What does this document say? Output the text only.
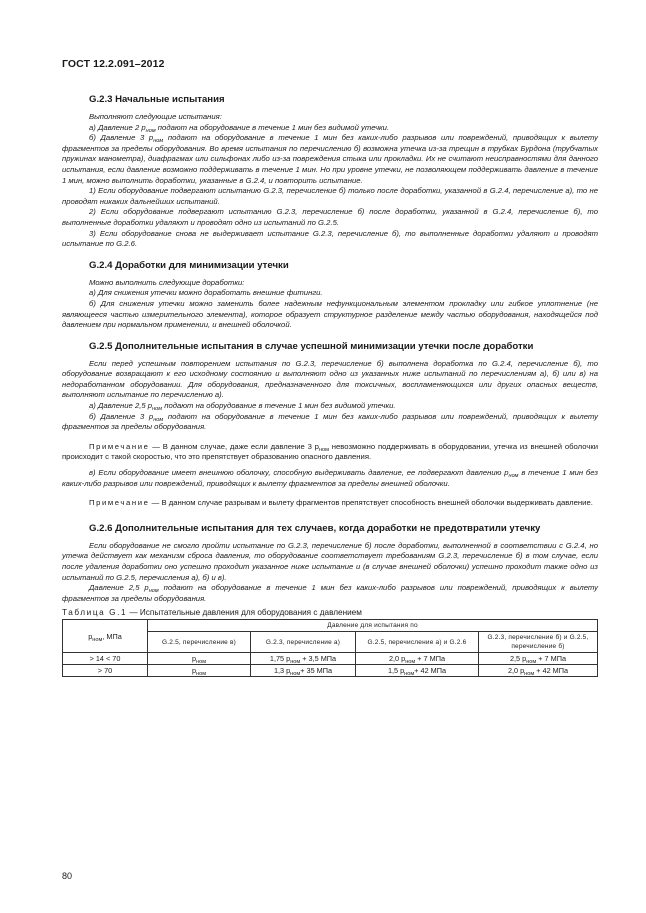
ГОСТ 12.2.091–2012
G.2.3 Начальные испытания

Выполняют следующие испытания:

а) Давление 2 $p_{ном}$ подают на оборудование в течение 1 мин без видимой утечки.

б) Давление 3 $p_{ном}$ подают на оборудование в течение 1 мин без каких-либо разрывов или повреждений, приводящих к вылету фрагментов за пределы оборудования. Во время испытания по перечислению б) возможна утечка из-за трещин в трубках Бурдона (трубчатых пружинах манометра), диафрагмах или сильфонах либо из-за повреждения стыка или прокладки. Их не считают неисправностями для данного испытания, если давление возможно поддерживать в течение 1 мин. Но при уровне утечки, не позволяющем поддерживать давление в течение 1 мин, можно выполнить доработки, указанные в G.2.4, и повторить испытание.

1) Если оборудование подвергают испытанию G.2.3, перечисление б) только после доработки, указанной в G.2.4, перечисление а), то не проводят никаких дальнейших испытаний.

2) Если оборудование подвергают испытанию G.2.3, перечисление б) после доработки, указанной в G.2.4, перечисление б), то выполненные доработки удаляют и проводят одно из испытаний по G.2.5.

3) Если оборудование снова не выдерживает испытание G.2.3, перечисление б), то выполненные доработки удаляют и проводят испытание по G.2.6.

G.2.4 Доработки для минимизации утечки

Можно выполнить следующие доработки:

а) Для снижения утечки можно доработать внешние фитинги.

б) Для снижения утечки можно заменить более надежным нефункциональным элементом прокладку или гибкое уплотнение (не являющееся частью измерительного элемента), которое образует структурное разделение между частью оборудования, находящейся под давлением при нормальном применении, и внешней оболочкой.

G.2.5 Дополнительные испытания в случае успешной минимизации утечки после доработки

Если перед успешным повторением испытания по G.2.3, перечисление б) выполнена доработка по G.2.4, перечисление б), то оборудование возвращают к его исходному состоянию и выполняют одно из указанных ниже испытаний по перечислениям а), б) или в) на недоработанном оборудовании. Для оборудования, предназначенного для токсичных, воспламеняющихся или других опасных веществ, выполняют испытание по перечислению а).

а) Давление 2,5 $p_{ном}$ подают на оборудование в течение 1 мин без видимой утечки.

б) Давление 3 $p_{ном}$ подают на оборудование в течение 1 мин без каких-либо разрывов или повреждений, приводящих к вылету фрагментов за пределы оборудования.

Примечание — В данном случае, даже если давление 3 $p_{ном}$ невозможно поддерживать в оборудовании, утечка из внешней оболочки происходит с такой скоростью, что это препятствует образованию опасного давления.

в) Если оборудование имеет внешнюю оболочку, способную выдерживать давление, ее подвергают давлению $p_{ном}$ в течение 1 мин без каких-либо разрывов или повреждений, приводящих к вылету фрагментов за пределы внешней оболочки.

Примечание — В данном случае разрывам и вылету фрагментов препятствует способность внешней оболочки выдерживать давление.

G.2.6 Дополнительные испытания для тех случаев, когда доработки не предотвратили утечку

Если оборудование не смогло пройти испытание по G.2.3, перечисление б) после доработки, выполненной в соответствии с G.2.4, но утечка действует как механизм сброса давления, то оборудование соответствует требованиям G.2.3, перечисление б) в том случае, если после удаления доработки оно успешно проходит указанное ниже испытание и (в случае внешней оболочки) успешно проходит также одно из испытаний по G.2.5, перечисления а), б) и в).

Давление 2,5 $p_{ном}$ подают на оборудование в течение 1 мин без каких-либо разрывов или повреждений, приводящих к вылету фрагментов за пределы оборудования.

Таблица G.1 — Испытательные давления для оборудования с давлением
$p_{ном}$, МПа	Давление для испытания по			
	G.2.5, перечисление в)	G.2.3, перечисление а)	G.2.5, перечисление а) и G.2.6	G.2.3, перечисление б) и G.2.5, перечисление б)
> 14 < 70	$p_{ном}$	1,75 $p_{ном} + 3,5$ МПа	2,0 $p_{ном} + 7$ МПа	2,5 $p_{ном} + 7$ МПа
> 70	$p_{ном}$	1,3 $p_{ном}+ 35$ МПа	1,5 $p_{ном}+ 42$ МПа	2,0 $p_{ном} + 42$ МПа
80
